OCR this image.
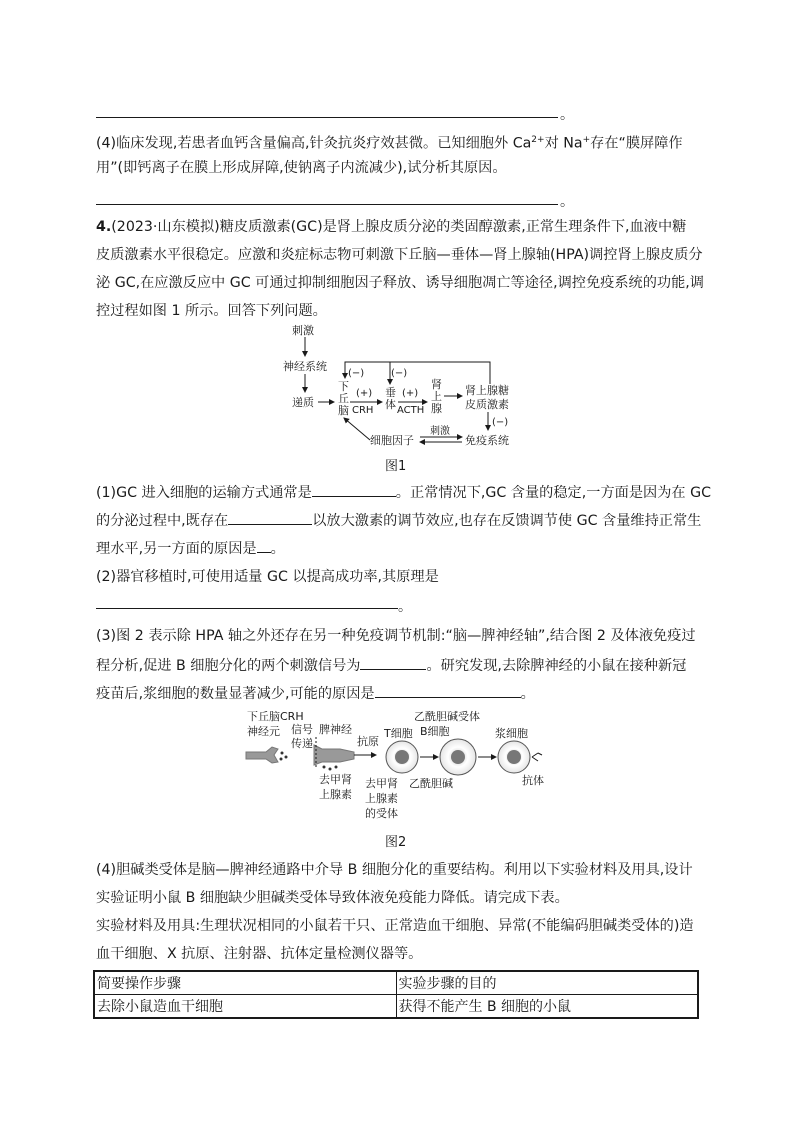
。
(4)临床发现,若患者血钙含量偏高,针灸抗炎疗效甚微。已知细胞外 $Ca^{2+}$对 Na+存在“膜屏障作
用”(即钙离子在膜上形成屏障,使钠离子内流减少),试分析其原因。
。
4.(2023·山东模拟)糖皮质激素(GC)是肾上腺皮质分泌的类固醇激素,正常生理条件下,血液中糖
皮质激素水平很稳定。应激和炎症标志物可刺激下丘脑—垂体—肾上腺轴(HPA)调控肾上腺皮质分
泌 GC,在应激反应中 GC 可通过抑制细胞因子释放、诱导细胞凋亡等途径,调控免疫系统的功能,调
控过程如图 1 所示。回答下列问题。
刺激
神经系统
递质
下
丘
脑
(+)
CRH
垂
体
(+)
ACTH
肾
上
腺
肾上腺糖
皮质激素
(−)	(−)
(−)
免疫系统
细胞因子
刺激
图1
(1)GC 进入细胞的运输方式通常是	。正常情况下,GC 含量的稳定,一方面是因为在 GC
的分泌过程中,既存在	以放大激素的调节效应,也存在反馈调节使 GC 含量维持正常生
理水平,另一方面的原因是 。
(2)器官移植时,可使用适量 GC 以提高成功率,其原理是
。
(3)图 2 表示除 HPA 轴之外还存在另一种免疫调节机制:“脑—脾神经轴”,结合图 2 及体液免疫过
程分析,促进 B 细胞分化的两个刺激信号为	。研究发现,去除脾神经的小鼠在接种新冠
疫苗后,浆细胞的数量显著减少,可能的原因是	。
下丘脑CRH
神经元 信号
传递
脾神经
去甲肾
上腺素
抗原
T细胞
去甲肾
上腺素
的受体
乙酰胆碱受体
B细胞
乙酰胆碱
浆细胞
抗体
图2
(4)胆碱类受体是脑—脾神经通路中介导 B 细胞分化的重要结构。利用以下实验材料及用具,设计
实验证明小鼠 B 细胞缺少胆碱类受体导致体液免疫能力降低。请完成下表。
实验材料及用具:生理状况相同的小鼠若干只、正常造血干细胞、异常(不能编码胆碱类受体的)造
血干细胞、X 抗原、注射器、抗体定量检测仪器等。
简要操作步骤	实验步骤的目的
去除小鼠造血干细胞	获得不能产生 B 细胞的小鼠
